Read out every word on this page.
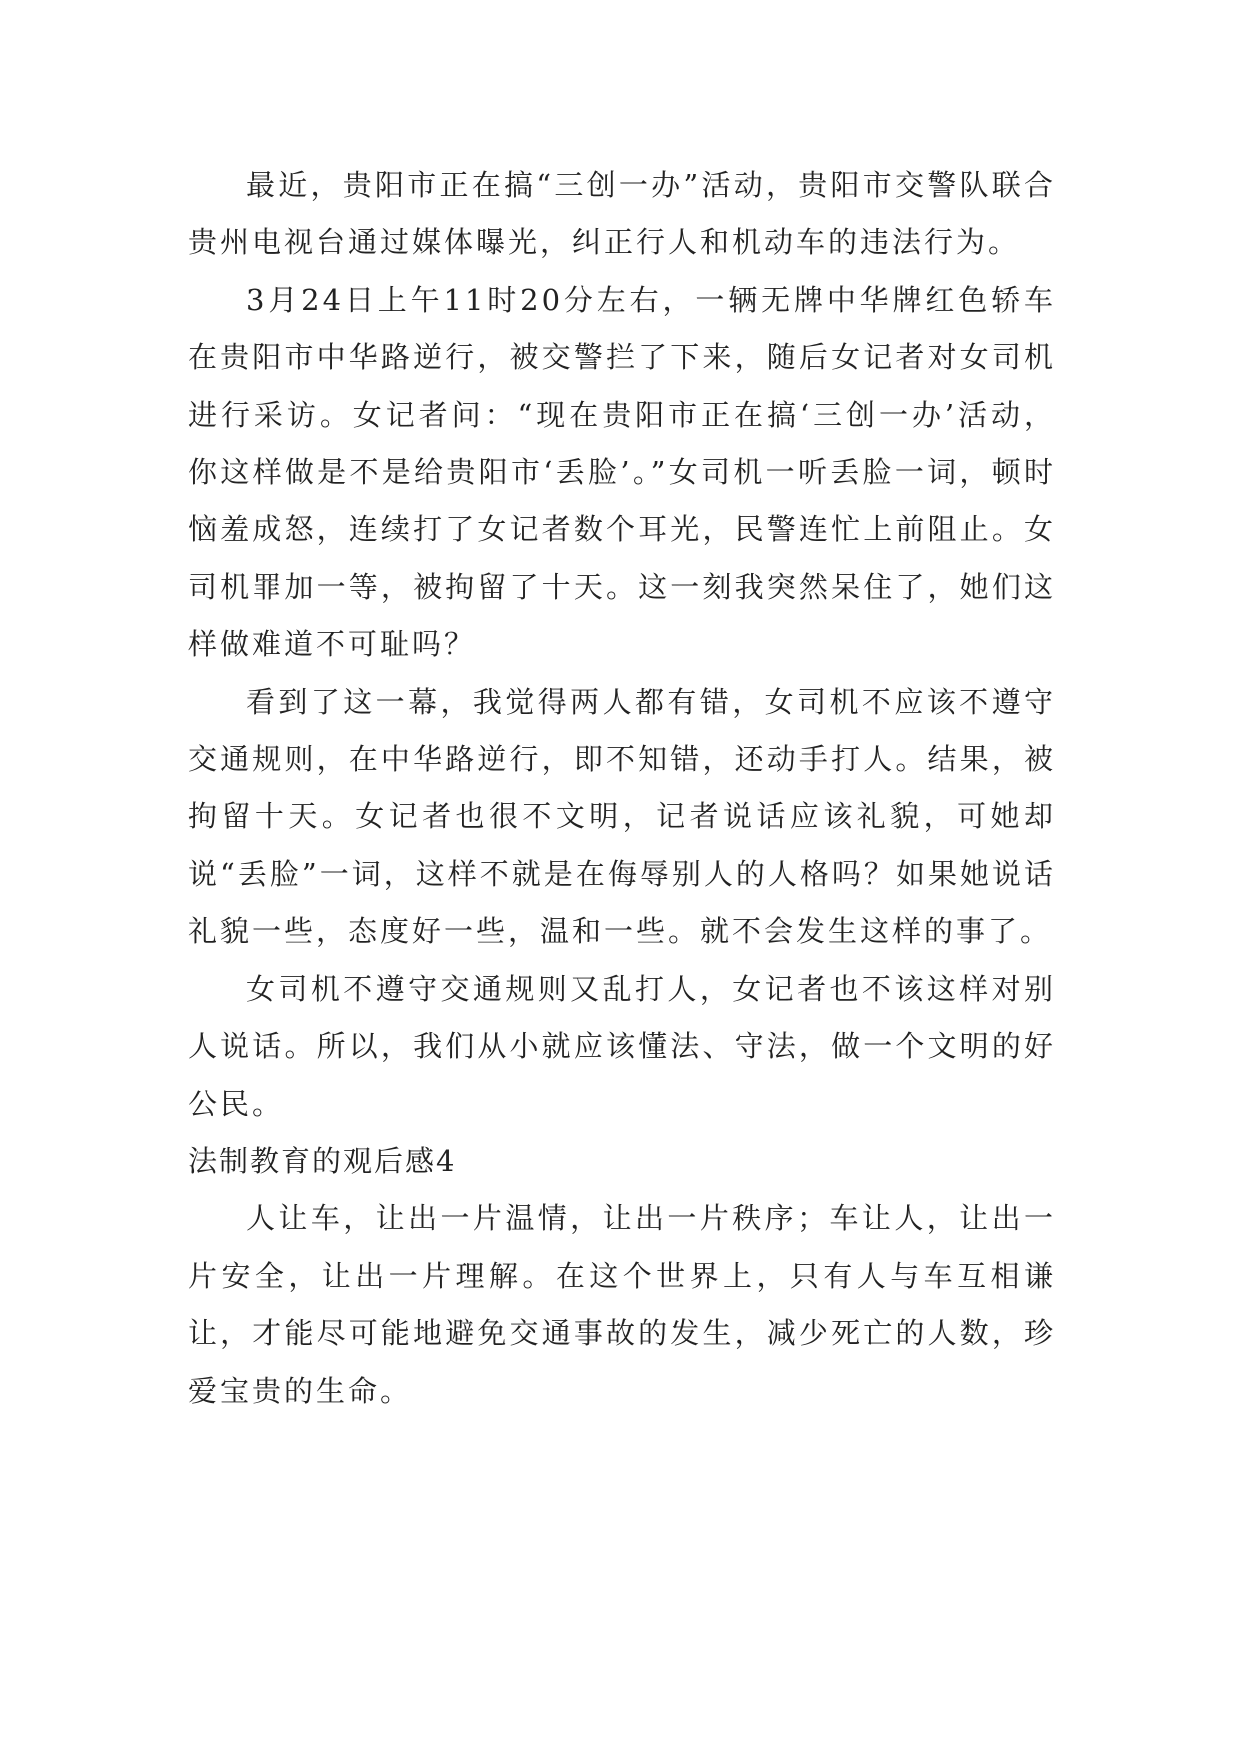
最近，贵阳市正在搞“三创一办”活动，贵阳市交警队联合贵州电视台通过媒体曝光，纠正行人和机动车的违法行为。

3月24日上午11时20分左右，一辆无牌中华牌红色轿车在贵阳市中华路逆行，被交警拦了下来，随后女记者对女司机进行采访。女记者问：“现在贵阳市正在搞‘三创一办’活动，你这样做是不是给贵阳市‘丢脸’。”女司机一听丢脸一词，顿时恼羞成怒，连续打了女记者数个耳光，民警连忙上前阻止。女司机罪加一等，被拘留了十天。这一刻我突然呆住了，她们这样做难道不可耻吗？

看到了这一幕，我觉得两人都有错，女司机不应该不遵守交通规则，在中华路逆行，即不知错，还动手打人。结果，被拘留十天。女记者也很不文明，记者说话应该礼貌，可她却说“丢脸”一词，这样不就是在侮辱别人的人格吗？如果她说话礼貌一些，态度好一些，温和一些。就不会发生这样的事了。

女司机不遵守交通规则又乱打人，女记者也不该这样对别人说话。所以，我们从小就应该懂法、守法，做一个文明的好公民。

法制教育的观后感4

人让车，让出一片温情，让出一片秩序；车让人，让出一片安全，让出一片理解。在这个世界上，只有人与车互相谦让，才能尽可能地避免交通事故的发生，减少死亡的人数，珍爱宝贵的生命。
